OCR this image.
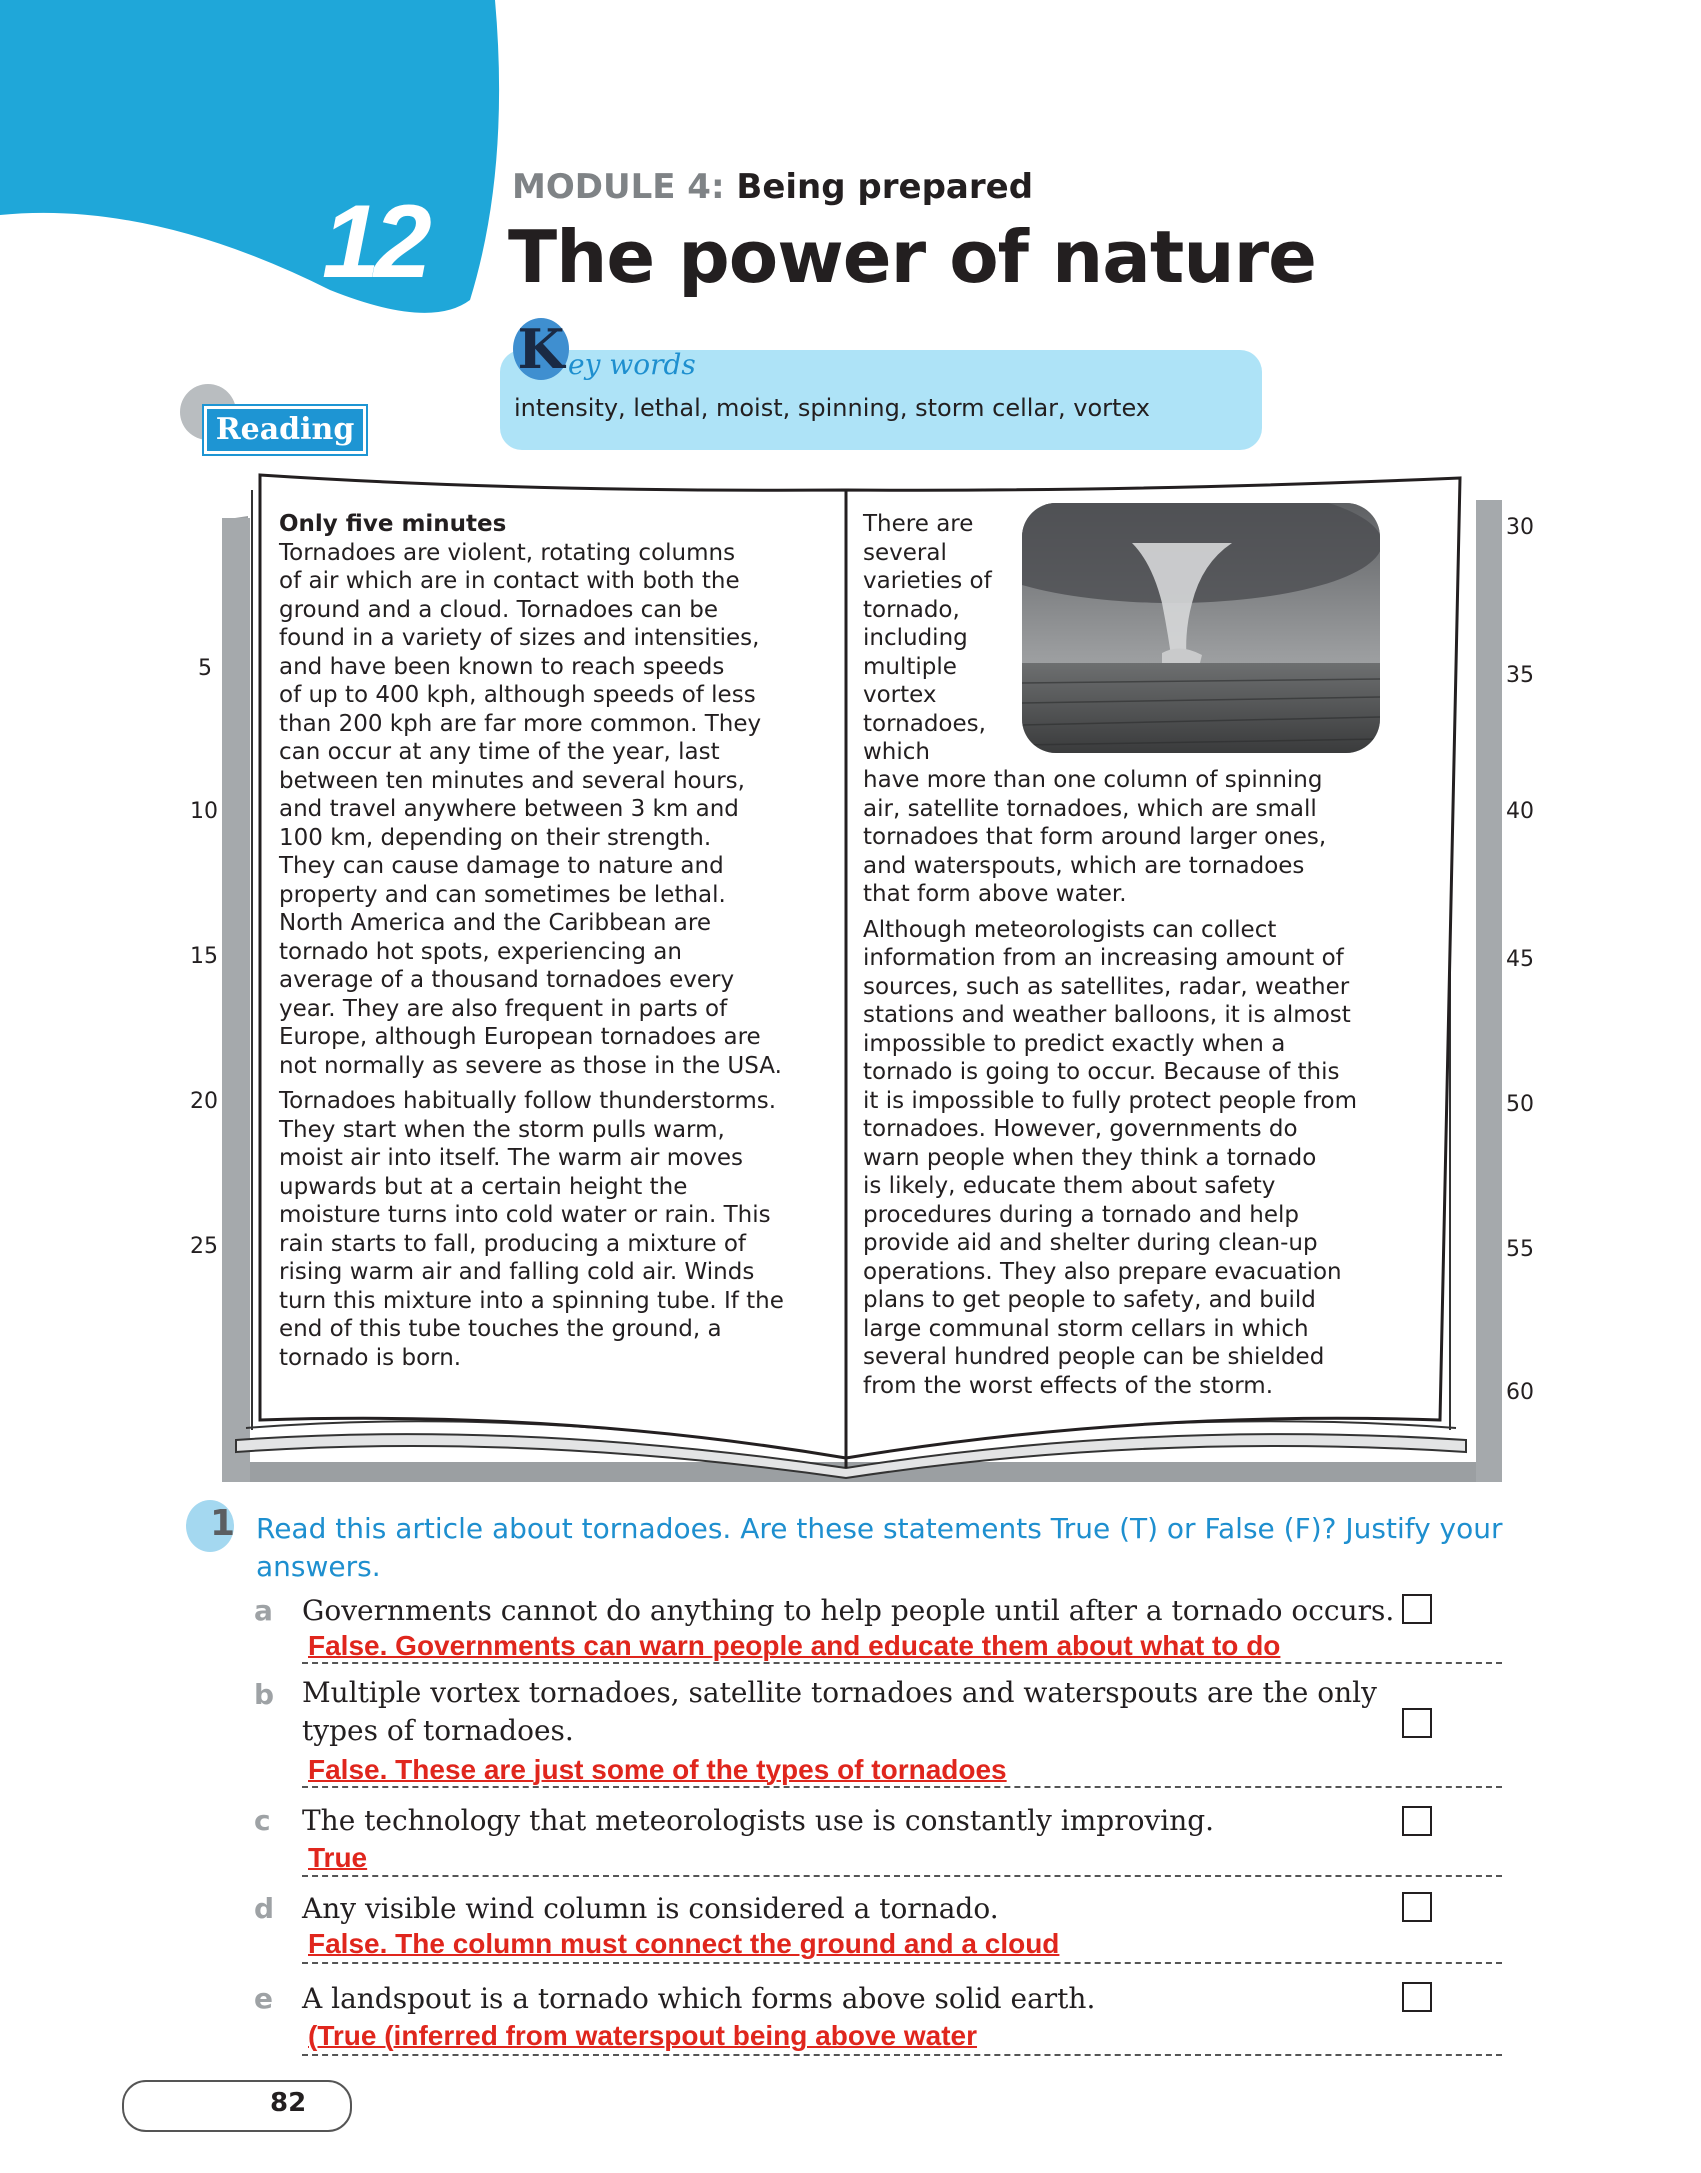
12	MODULE 4: Being prepared
The power of nature
K ey words
intensity, lethal, moist, spinning, storm cellar, vortex
Reading

Only five minutes

Tornadoes are violent, rotating columns
of air which are in contact with both the
ground and a cloud. Tornadoes can be
found in a variety of sizes and intensities,
and have been known to reach speeds
of up to 400 kph, although speeds of less
than 200 kph are far more common. They
can occur at any time of the year, last
between ten minutes and several hours,
and travel anywhere between 3 km and
100 km, depending on their strength.
They can cause damage to nature and
property and can sometimes be lethal.
North America and the Caribbean are
tornado hot spots, experiencing an
average of a thousand tornadoes every
year. They are also frequent in parts of
Europe, although European tornadoes are
not normally as severe as those in the USA.
Tornadoes habitually follow thunderstorms.
They start when the storm pulls warm,
moist air into itself. The warm air moves
upwards but at a certain height the
moisture turns into cold water or rain. This
rain starts to fall, producing a mixture of
rising warm air and falling cold air. Winds
turn this mixture into a spinning tube. If the
end of this tube touches the ground, a
tornado is born.
There are
several
varieties of
tornado,
including
multiple
vortex
tornadoes,
which
have more than one column of spinning
air, satellite tornadoes, which are small
tornadoes that form around larger ones,
and waterspouts, which are tornadoes
that form above water.
Although meteorologists can collect
information from an increasing amount of
sources, such as satellites, radar, weather
stations and weather balloons, it is almost
impossible to predict exactly when a
tornado is going to occur. Because of this
it is impossible to fully protect people from
tornadoes. However, governments do
warn people when they think a tornado
is likely, educate them about safety
procedures during a tornado and help
provide aid and shelter during clean-up
operations. They also prepare evacuation
plans to get people to safety, and build
large communal storm cellars in which
several hundred people can be shielded
from the worst effects of the storm.
5
10
15
20
25
30
35
40
45
50
55
60
1 Read this article about tornadoes. Are these statements True (T) or False (F)? Justify your answers.
a Governments cannot do anything to help people until after a tornado occurs.
False. Governments can warn people and educate them about what to do
b Multiple vortex tornadoes, satellite tornadoes and waterspouts are the only types of tornadoes.
False. These are just some of the types of tornadoes
c The technology that meteorologists use is constantly improving.
True
d Any visible wind column is considered a tornado.
False. The column must connect the ground and a cloud
e A landspout is a tornado which forms above solid earth.
(True (inferred from waterspout being above water
82
